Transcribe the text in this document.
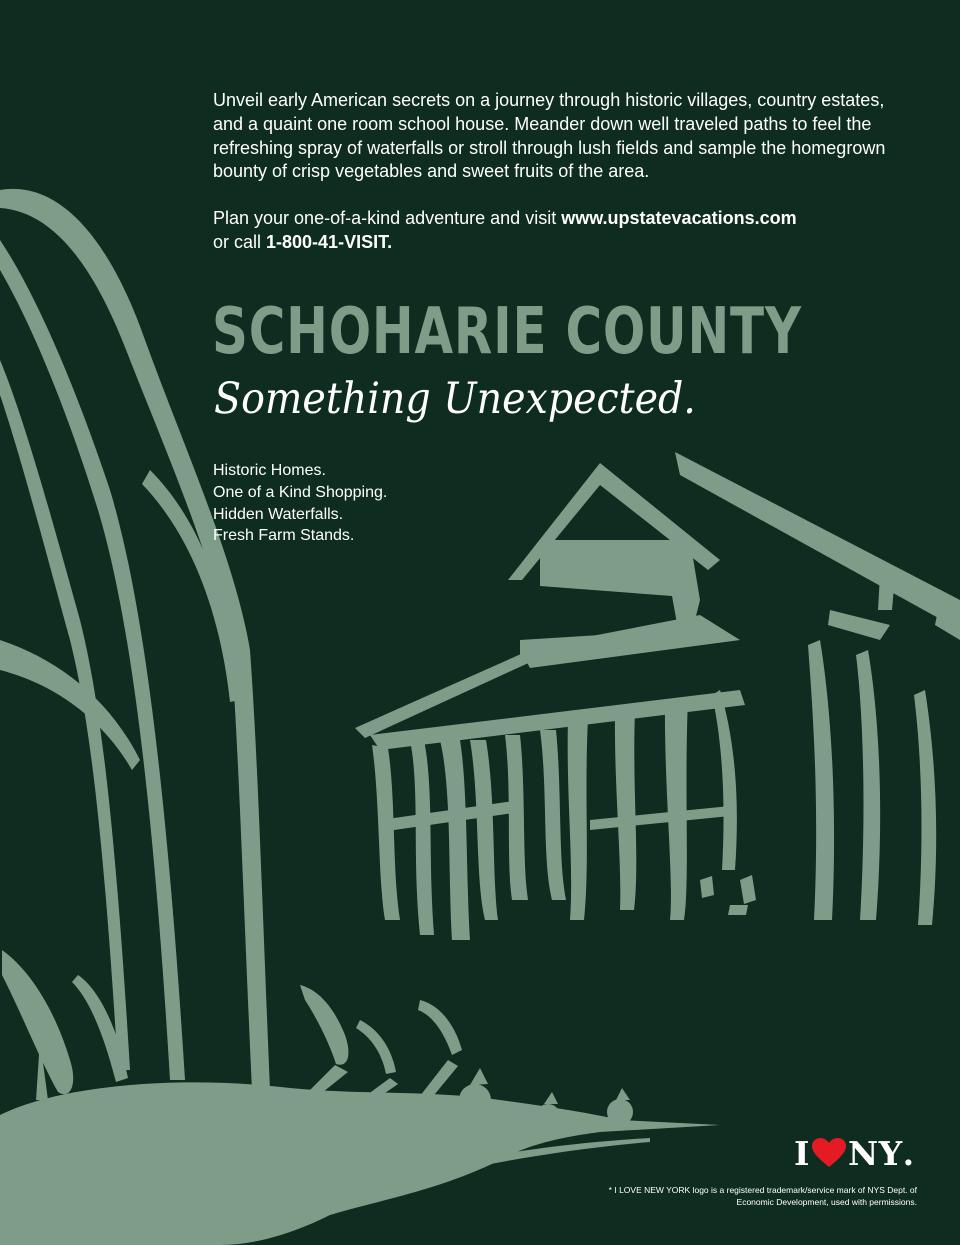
Unveil early American secrets on a journey through historic villages, country estates, and a quaint one room school house. Meander down well traveled paths to feel the refreshing spray of waterfalls or stroll through lush fields and sample the homegrown bounty of crisp vegetables and sweet fruits of the area.

Plan your one-of-a-kind adventure and visit www.upstatevacations.com
or call 1-800-41-VISIT.

SCHOHARIE COUNTY

Something Unexpected.

Historic Homes.
One of a Kind Shopping.
Hidden Waterfalls.
Fresh Farm Stands.
I NY .

* I LOVE NEW YORK logo is a registered trademark/service mark of NYS Dept. of Economic Development, used with permissions.
